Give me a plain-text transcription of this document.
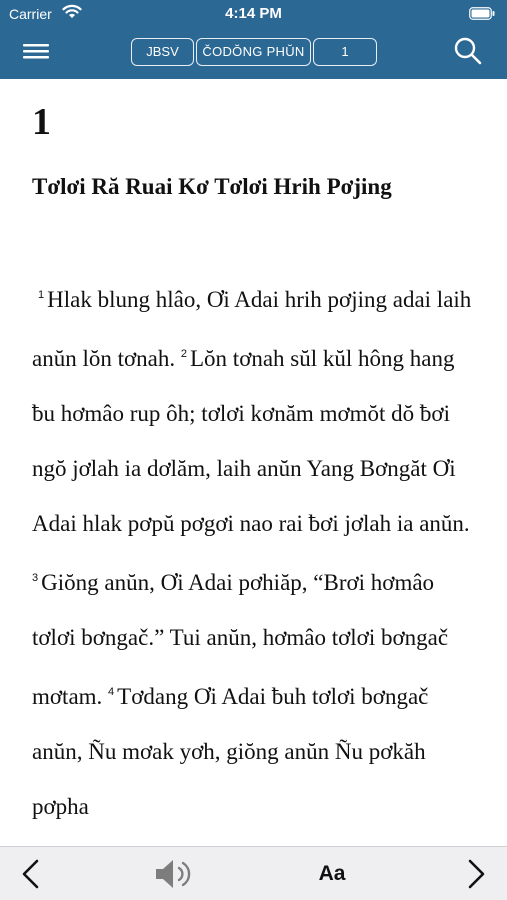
Carrier	4:14 PM
JBSV	ČODŎNG PHŬN	1
1
Tơlơi Ră Ruai Kơ Tơlơi Hrih Pơjing
$^1$ Hlak blung hlâo, Ơi Adai hrih pơjing adai laih anŭn lŏn tơnah. $^2$ Lŏn tơnah sŭl kŭl hông hang ƀu hơmâo rup ôh; tơlơi kơnăm mơmŏt dŏ ƀơi ngŏ jơlah ia dơlăm, laih anŭn Yang Bơngăt Ơi Adai hlak pơpŭ pơgơi nao rai ƀơi jơlah ia anŭn. $^3$ Giŏng anŭn, Ơi Adai pơhiăp, “Brơi hơmâo tơlơi bơngač.” Tui anŭn, hơmâo tơlơi bơngač mơtam. $^4$ Tơdang Ơi Adai ƀuh tơlơi bơngač anŭn, Ñu mơak yơh, giŏng anŭn Ñu pơkăh pơpha
Aa
